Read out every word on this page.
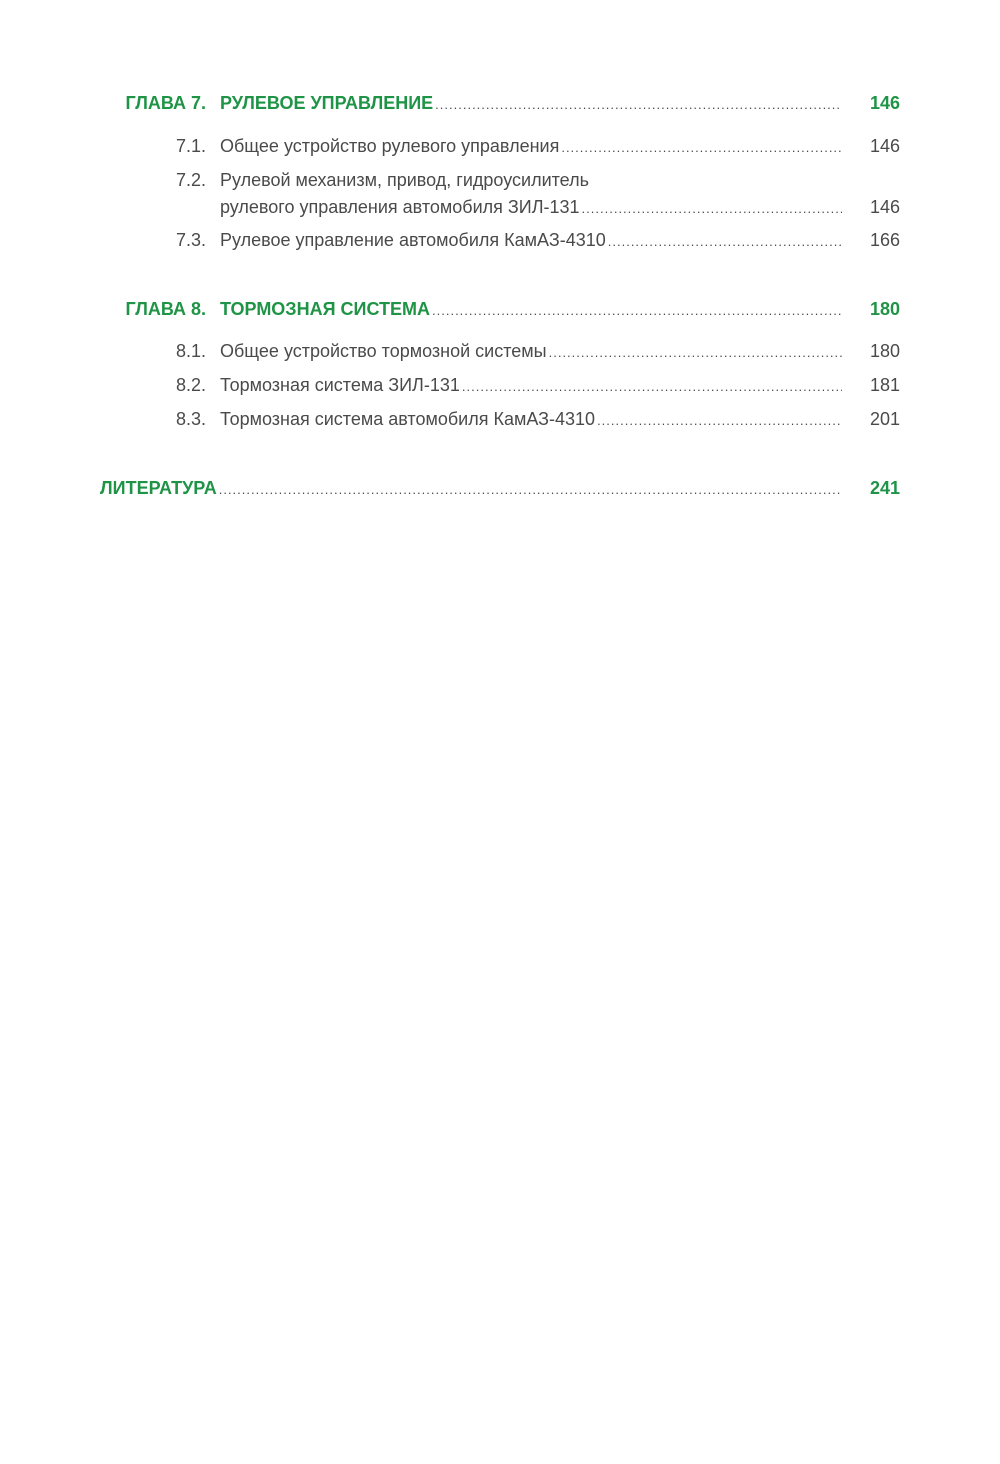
ГЛАВА 7. РУЛЕВОЕ УПРАВЛЕНИЕ .....	146
7.1. Общее устройство рулевого управления .....	146
7.2. Рулевой механизм, привод, гидроусилитель
рулевого управления автомобиля ЗИЛ-131 .....	146
7.3. Рулевое управление автомобиля КамАЗ-4310 .....	166
ГЛАВА 8. ТОРМОЗНАЯ СИСТЕМА .....	180
8.1. Общее устройство тормозной системы .....	180
8.2. Тормозная система ЗИЛ-131 .....	181
8.3. Тормозная система автомобиля КамАЗ-4310 .....	201
ЛИТЕРАТУРА .....	241
